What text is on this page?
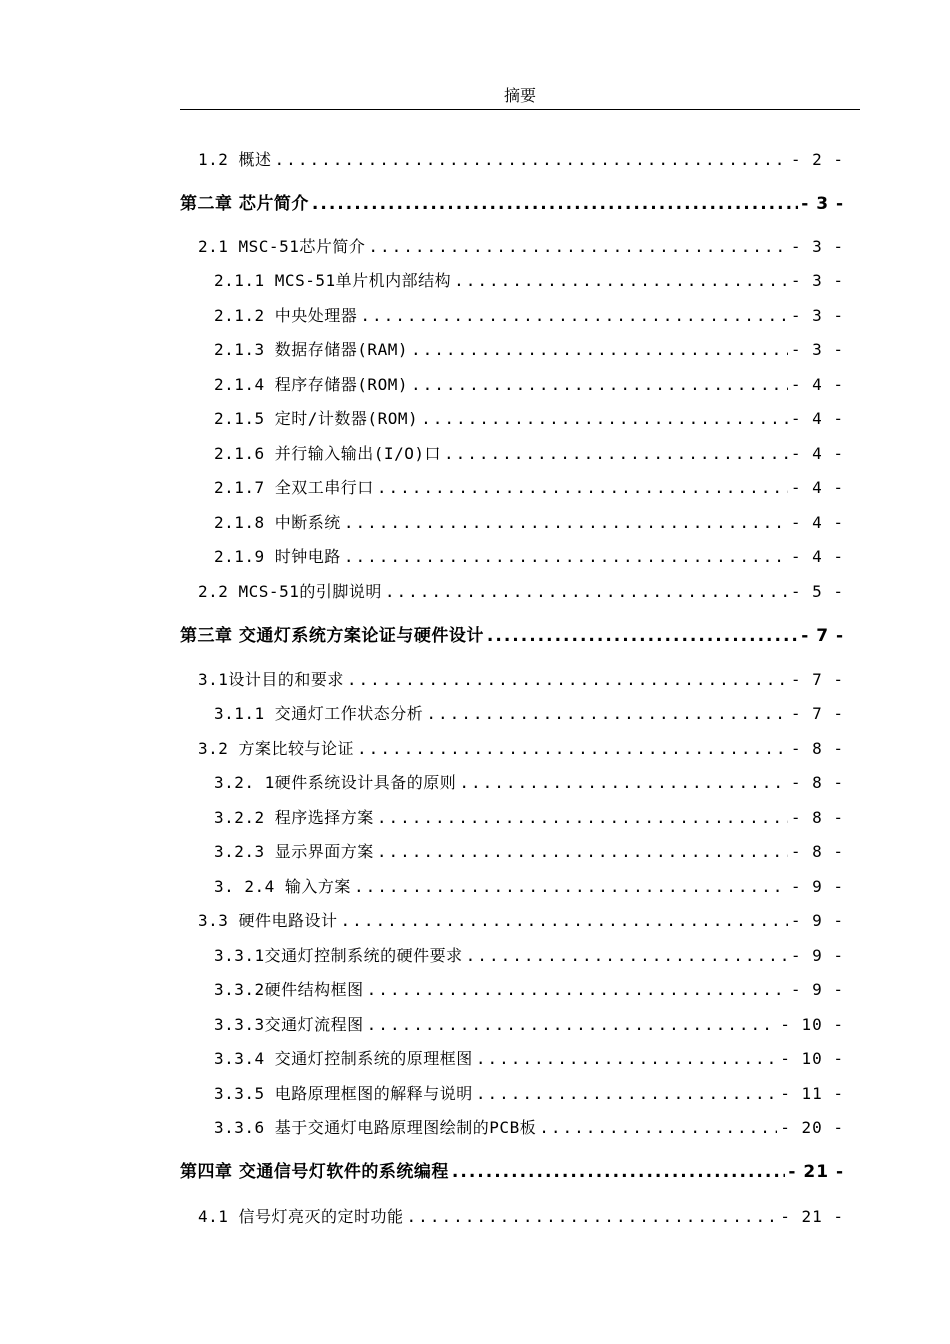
摘要
1.2 概述 .....	- 2 -
第二章 芯片简介 .....	- 3 -
2.1 MSC-51芯片简介 .....	- 3 -
2.1.1 MCS-51单片机内部结构 .....	- 3 -
2.1.2 中央处理器 .....	- 3 -
2.1.3 数据存储器(RAM) .....	- 3 -
2.1.4 程序存储器(ROM) .....	- 4 -
2.1.5 定时/计数器(ROM) .....	- 4 -
2.1.6 并行输入输出(I/O)口 .....	- 4 -
2.1.7 全双工串行口 .....	- 4 -
2.1.8 中断系统 .....	- 4 -
2.1.9 时钟电路 .....	- 4 -
2.2 MCS-51的引脚说明 .....	- 5 -
第三章 交通灯系统方案论证与硬件设计 .....	- 7 -
3.1设计目的和要求 .....	- 7 -
3.1.1 交通灯工作状态分析 .....	- 7 -
3.2 方案比较与论证 .....	- 8 -
3.2. 1硬件系统设计具备的原则 .....	- 8 -
3.2.2 程序选择方案 .....	- 8 -
3.2.3 显示界面方案 .....	- 8 -
3. 2.4 输入方案 .....	- 9 -
3.3 硬件电路设计 .....	- 9 -
3.3.1交通灯控制系统的硬件要求 .....	- 9 -
3.3.2硬件结构框图 .....	- 9 -
3.3.3交通灯流程图 .....	- 10 -
3.3.4 交通灯控制系统的原理框图 .....	- 10 -
3.3.5 电路原理框图的解释与说明 .....	- 11 -
3.3.6 基于交通灯电路原理图绘制的PCB板 .....	- 20 -
第四章 交通信号灯软件的系统编程 .....	- 21 -
4.1 信号灯亮灭的定时功能 .....	- 21 -
